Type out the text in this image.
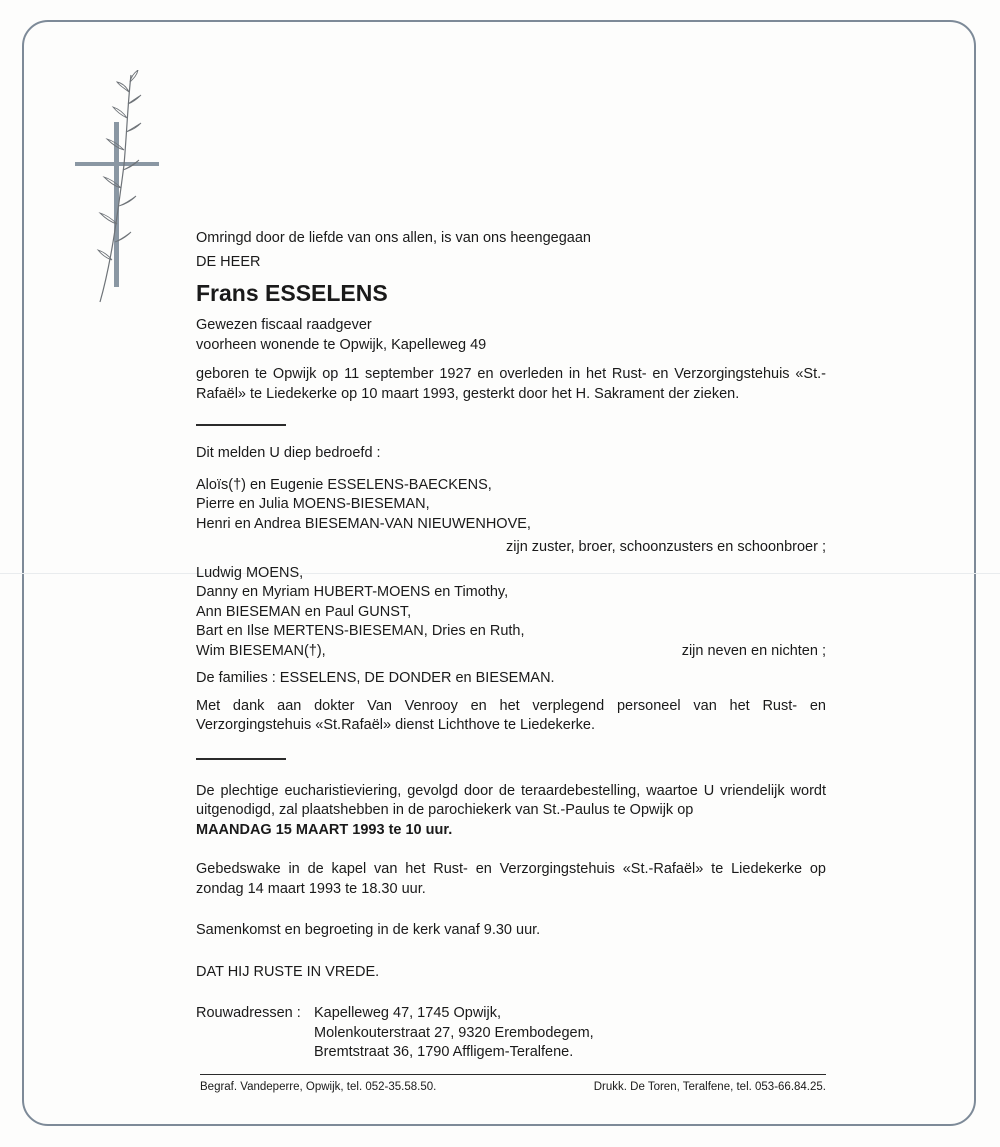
Omringd door de liefde van ons allen, is van ons heengegaan
DE HEER
Frans ESSELENS
Gewezen fiscaal raadgever
voorheen wonende te Opwijk, Kapelleweg 49
geboren te Opwijk op 11 september 1927 en overleden in het Rust- en Verzorgingstehuis «St.-Rafaël» te Liedekerke op 10 maart 1993, gesterkt door het H. Sakrament der zieken.
Dit melden U diep bedroefd :
Aloïs(†) en Eugenie ESSELENS-BAECKENS,
Pierre en Julia MOENS-BIESEMAN,
Henri en Andrea BIESEMAN-VAN NIEUWENHOVE,
zijn zuster, broer, schoonzusters en schoonbroer ;
Ludwig MOENS,
Danny en Myriam HUBERT-MOENS en Timothy,
Ann BIESEMAN en Paul GUNST,
Bart en Ilse MERTENS-BIESEMAN, Dries en Ruth,
Wim BIESEMAN(†),	zijn neven en nichten ;
De families : ESSELENS, DE DONDER en BIESEMAN.
Met dank aan dokter Van Venrooy en het verplegend personeel van het Rust- en Verzorgingstehuis «St.Rafaël» dienst Lichthove te Liedekerke.
De plechtige eucharistieviering, gevolgd door de teraardebestelling, waartoe U vriendelijk wordt uitgenodigd, zal plaatshebben in de parochiekerk van St.-Paulus te Opwijk op
MAANDAG 15 MAART 1993 te 10 uur.
Gebedswake in de kapel van het Rust- en Verzorgingstehuis «St.-Rafaël» te Liedekerke op zondag 14 maart 1993 te 18.30 uur.
Samenkomst en begroeting in de kerk vanaf 9.30 uur.
DAT HIJ RUSTE IN VREDE.
Rouwadressen : Kapelleweg 47, 1745 Opwijk,
Molenkouterstraat 27, 9320 Erembodegem,
Bremtstraat 36, 1790 Affligem-Teralfene.
Begraf. Vandeperre, Opwijk, tel. 052-35.58.50.	Drukk. De Toren, Teralfene, tel. 053-66.84.25.
